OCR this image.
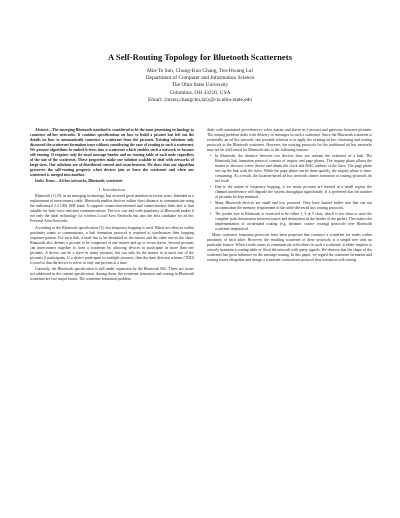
A Self-Routing Topology for Bluetooth Scatternets
Min-Te Sun, Chung-Kuo Chang, Ten-Hwang Lai
Department of Computer and Information Science
The Ohio State University
Columbus, OH 43210, USA
Email: {msun,changchu,lai}@cis.ohio-state.edu

Abstract—The emerging Bluetooth standard is considered to be the most promising technology to construct ad-hoc networks. It contains specifications on how to build a piconet but left out the details on how to automatically construct a scatternet from the piconets. Existing solutions only discussed the scatternet formation issue without considering the ease of routing in such a scatternet. We present algorithms to embed b-trees into a scatternet which enables such a network to become self-routing. It requires only fix-sized message header and no routing table at each node regardless of the size of the scatternet. These properties make our solution scalable to deal with networks of large sizes. Our solutions are of distributed control and asynchronous. We show that our algorithm preserves the self-routing property when devices join or leave the scatternet and when one scatternet is merged into another.

Index Terms—Ad hoc networks, Bluetooth, scatternet

I. Introduction

Bluetooth [1] [5], as an emerging technology, has received great attention in recent years. Intended as a replacement of interconnect cable, Bluetooth enables devices within short distance to communicate using the unlicensed 2.4 GHz ISM band. It supports connection-oriented and connectionless links and is thus suitable for both voice and data communications. The low cost and wide popularity of Bluetooth makes it not only the ideal technology for wireless Local Area Networks but also the best candidate for ad hoc Personal Area Networks.

According to the Bluetooth specification [1], fast frequency hopping is used. When two devices within proximity wants to communicate, a link formation protocol is required to synchronize their hopping sequence pattern. For each link, a node has to be identified as the master and the other one as the slave. Bluetooth also defines a piconet to be composed of one master and up to seven slaves. Several piconets can interconnect together to form a scatternet by allowing devices to participate in more than one piconets. A device can be a slave in many piconets, but can only be the master in at most one of the piconets it participates. If a device participate in multiple piconets, then the time division scheme (TDD) is used so that the device is active in only one piconet at a time.

Currently, the Bluetooth specification is still under expansion by the Bluetooth SIG. There are issues not addressed in the current specification. Among them, the scatternet formation and routing in Bluetooth scatternet are two major issues. The scatternet formation problem

deals with automated procedures to select master and slaves in a piconet and gateways between piconets. The routing problem deals with delivery of messages in such a scatternet. Since the Bluetooth scatternet is essentially an ad hoc network, one possible solution is to apply the existing ad hoc clustering and routing protocols to the Bluetooth scatternet. However, the existing protocols for the traditional ad hoc networks may not be well suited for Bluetooth due to the following reasons:

• In Bluetooth, the distance between two devices does not warrant the existence of a link. The Bluetooth link formation protocol consists of inquiry and page phases. The inquiry phase allows the master to discover a new device and obtain the clock and MAC address of the slave. The page phase sets up the link with the slave. While the page phase can be done quickly, the inquiry phase is time-consuming. As a result, the location-based ad hoc network cluster formation or routing protocols do not work.
• Due to the nature of frequency hopping, if too many piconets are formed in a small region, the channel interference will degrade the system throughput significantly. It is preferred that the number of piconets be kept minimal.
• Many Bluetooth devices are small and low powered. They have limited buffer size that can not accommodate the memory requirement of the table-driven ad hoc routing protocols.
• The packet size in Bluetooth is restricted to be either 1, 3 or 5 slots, which is too short to store the complete path information between source and destination in the header of the packet. This makes the implementation of on-demand routing (e.g. dynamic source routing) protocols over Bluetooth scatternet impractical.

Many scatternet formation protocols have been proposed that construct a scatternet for nodes within proximity of each other. However, the resulting scatternet of these protocols is a simple tree with no particular feature. When a node wants to communicate with others in such a scatternet, it either requires to actively maintain a routing table or flood the network with query signals. We observe that the shape of the scatternet has great influence on the message routing. In this paper, we regard the scatternet formation and routing issues altogether and design a scatternet construction protocol that constructs self-routing
